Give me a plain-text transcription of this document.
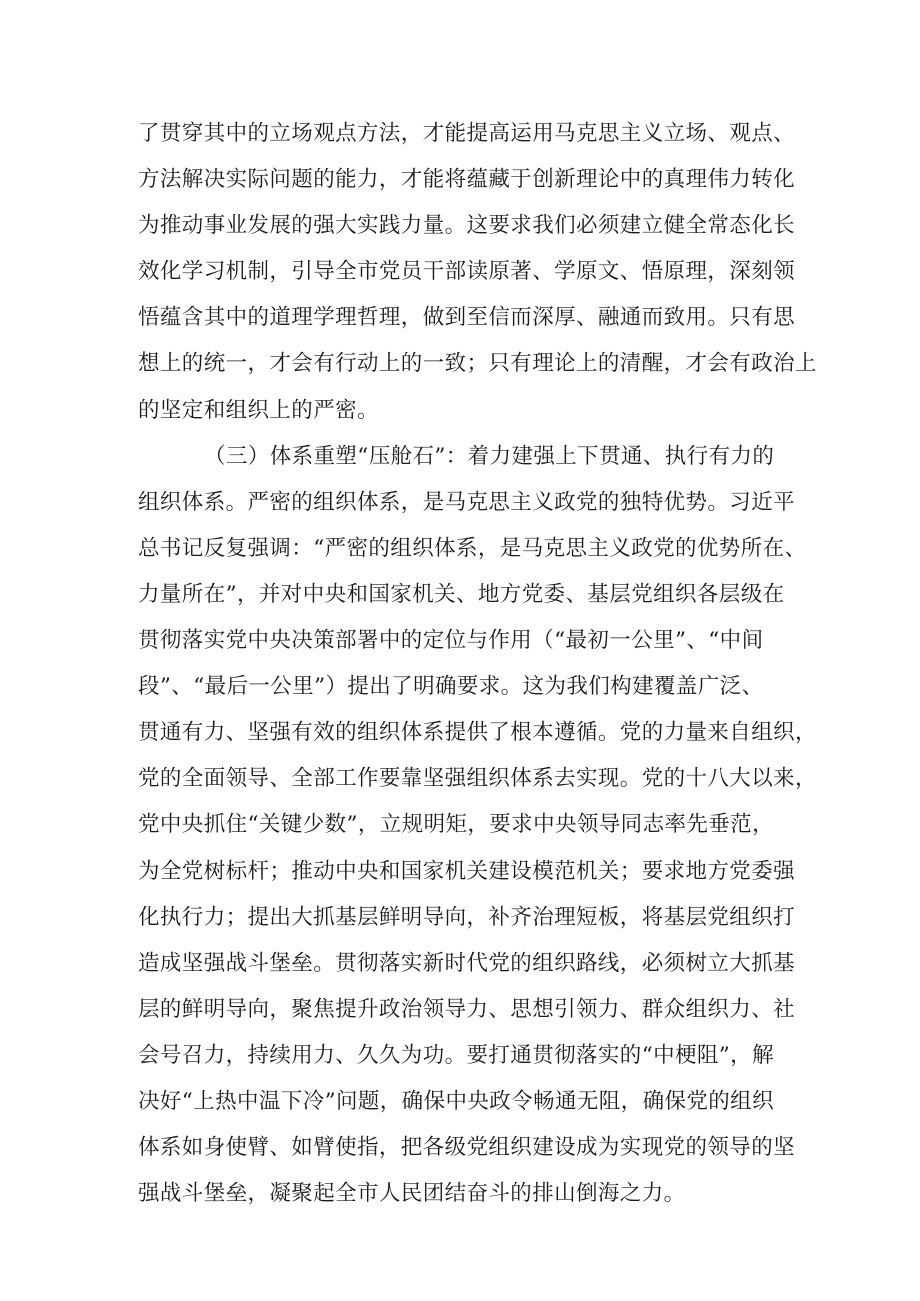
了贯穿其中的立场观点方法，才能提高运用马克思主义立场、观点、
方法解决实际问题的能力，才能将蕴藏于创新理论中的真理伟力转化
为推动事业发展的强大实践力量。这要求我们必须建立健全常态化长
效化学习机制，引导全市党员干部读原著、学原文、悟原理，深刻领
悟蕴含其中的道理学理哲理，做到至信而深厚、融通而致用。只有思
想上的统一，才会有行动上的一致；只有理论上的清醒，才会有政治上
的坚定和组织上的严密。
（三）体系重塑“压舱石”：着力建强上下贯通、执行有力的
组织体系。严密的组织体系，是马克思主义政党的独特优势。习近平
总书记反复强调：“严密的组织体系，是马克思主义政党的优势所在、
力量所在”，并对中央和国家机关、地方党委、基层党组织各层级在
贯彻落实党中央决策部署中的定位与作用（“最初一公里”、“中间
段”、“最后一公里”）提出了明确要求。这为我们构建覆盖广泛、
贯通有力、坚强有效的组织体系提供了根本遵循。党的力量来自组织，
党的全面领导、全部工作要靠坚强组织体系去实现。党的十八大以来，
党中央抓住“关键少数”，立规明矩，要求中央领导同志率先垂范，
为全党树标杆；推动中央和国家机关建设模范机关；要求地方党委强
化执行力；提出大抓基层鲜明导向，补齐治理短板，将基层党组织打
造成坚强战斗堡垒。贯彻落实新时代党的组织路线，必须树立大抓基
层的鲜明导向，聚焦提升政治领导力、思想引领力、群众组织力、社
会号召力，持续用力、久久为功。要打通贯彻落实的“中梗阻”，解
决好“上热中温下冷”问题，确保中央政令畅通无阻，确保党的组织
体系如身使臂、如臂使指，把各级党组织建设成为实现党的领导的坚
强战斗堡垒，凝聚起全市人民团结奋斗的排山倒海之力。
